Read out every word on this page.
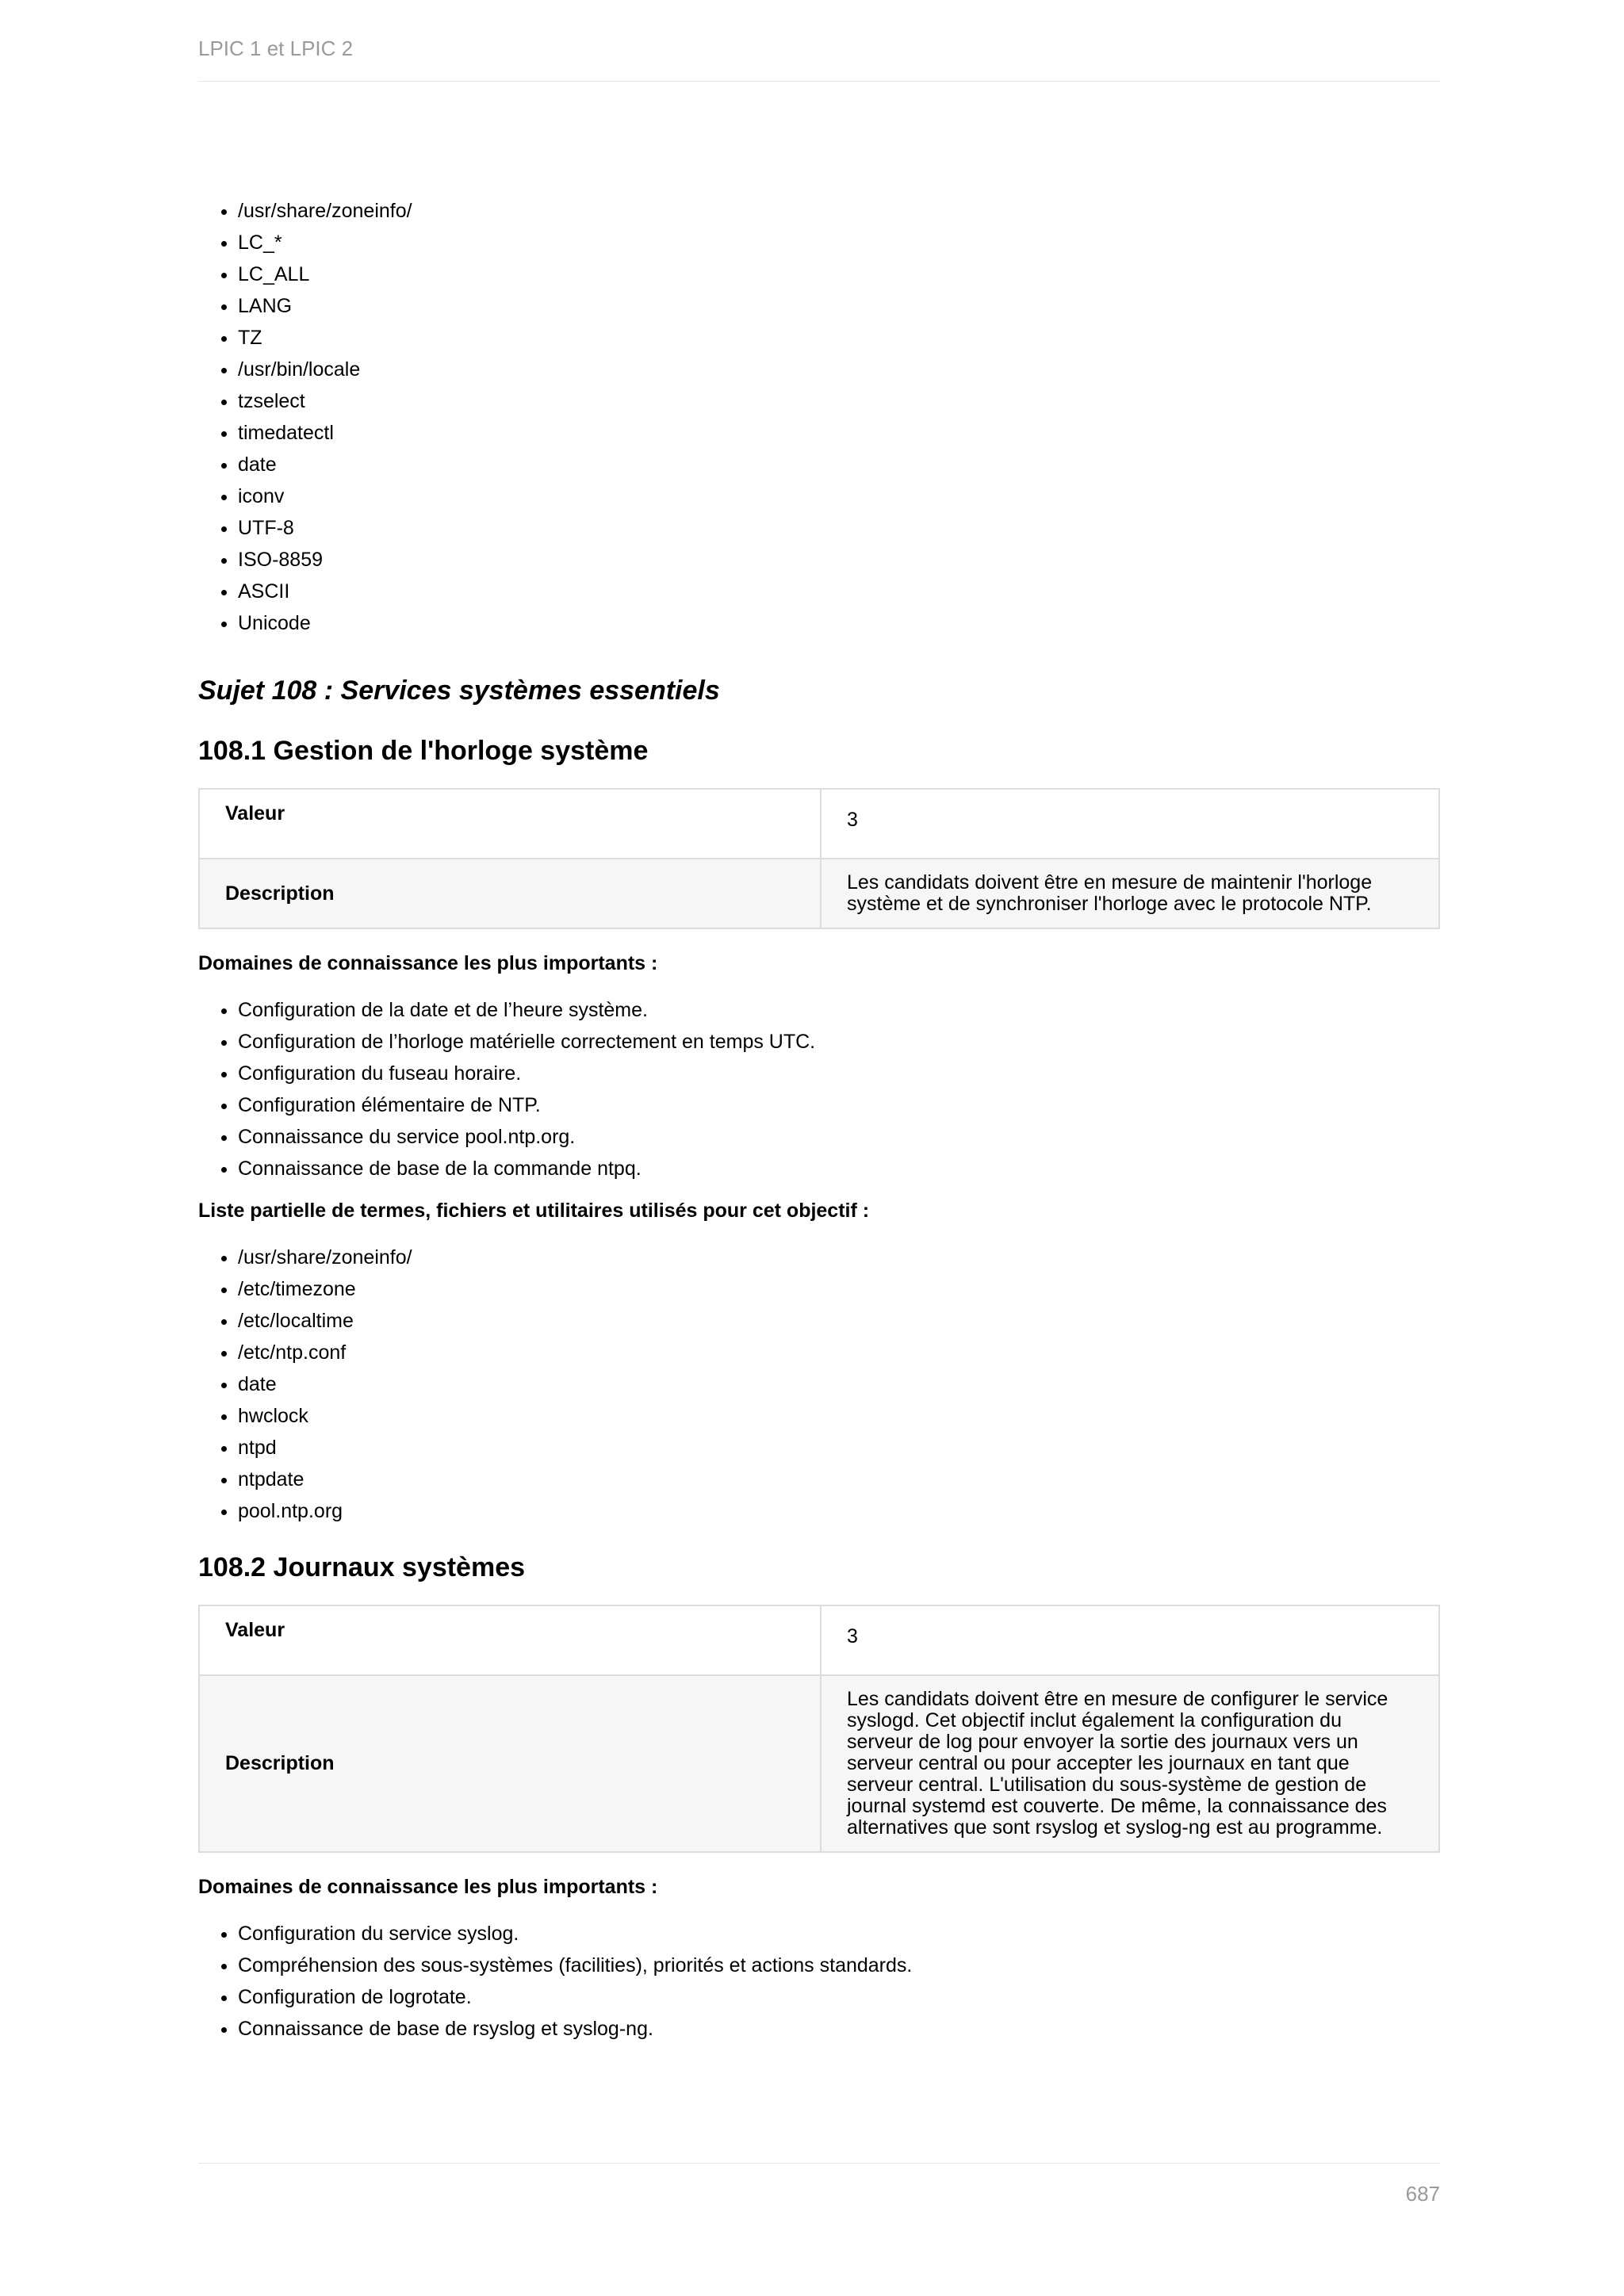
LPIC 1 et LPIC 2
• /usr/share/zoneinfo/
• LC_*
• LC_ALL
• LANG
• TZ
• /usr/bin/locale
• tzselect
• timedatectl
• date
• iconv
• UTF-8
• ISO-8859
• ASCII
• Unicode
Sujet 108 : Services systèmes essentiels
108.1 Gestion de l'horloge système
Valeur	3
Description	Les candidats doivent être en mesure de maintenir l'horloge système et de synchroniser l'horloge avec le protocole NTP.
Domaines de connaissance les plus importants :
• Configuration de la date et de l’heure système.
• Configuration de l’horloge matérielle correctement en temps UTC.
• Configuration du fuseau horaire.
• Configuration élémentaire de NTP.
• Connaissance du service pool.ntp.org.
• Connaissance de base de la commande ntpq.
Liste partielle de termes, fichiers et utilitaires utilisés pour cet objectif :
• /usr/share/zoneinfo/
• /etc/timezone
• /etc/localtime
• /etc/ntp.conf
• date
• hwclock
• ntpd
• ntpdate
• pool.ntp.org
108.2 Journaux systèmes
Valeur	3
Description	Les candidats doivent être en mesure de configurer le service syslogd. Cet objectif inclut également la configuration du serveur de log pour envoyer la sortie des journaux vers un serveur central ou pour accepter les journaux en tant que serveur central. L'utilisation du sous-système de gestion de journal systemd est couverte. De même, la connaissance des alternatives que sont rsyslog et syslog-ng est au programme.
Domaines de connaissance les plus importants :
• Configuration du service syslog.
• Compréhension des sous-systèmes (facilities), priorités et actions standards.
• Configuration de logrotate.
• Connaissance de base de rsyslog et syslog-ng.
687
